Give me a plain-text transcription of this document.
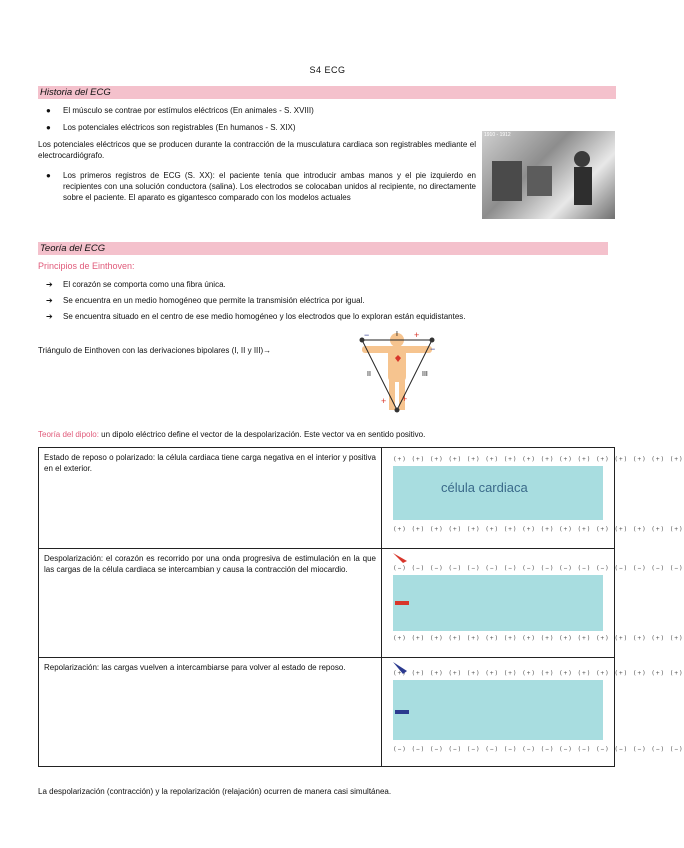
S4 ECG
Historia del ECG
● El músculo se contrae por estímulos eléctricos (En animales - S. XVIII)
● Los potenciales eléctricos son registrables (En humanos - S. XIX)
Los potenciales eléctricos que se producen durante la contracción de la musculatura cardiaca son registrables mediante el electrocardiógrafo.
● Los primeros registros de ECG (S. XX): el paciente tenía que introducir ambas manos y el pie izquierdo en recipientes con una solución conductora (salina). Los electrodos se colocaban unidos al recipiente, no directamente sobre el paciente. El aparato es gigantesco comparado con los modelos actuales
1910 - 1912
Teoría del ECG
Principios de Einthoven:
➔ El corazón se comporta como una fibra única.
➔ Se encuentra en un medio homogéneo que permite la transmisión eléctrica por igual.
➔ Se encuentra situado en el centro de ese medio homogéneo y los electrodos que lo exploran están equidistantes.
Triángulo de Einthoven con las derivaciones bipolares (I, II y III)→
I
II	III
−	+
−
+ +
Teoría del dipolo: un dipolo eléctrico define el vector de la despolarización. Este vector va en sentido positivo.
Estado de reposo o polarizado: la célula cardiaca tiene carga negativa en el interior y positiva en el exterior.	(+) (+) (+) (+) (+) (+) (+) (+) (+) (+) (+) (+) (+) (+) (+) (+)
célula cardiaca
(+) (+) (+) (+) (+) (+) (+) (+) (+) (+) (+) (+) (+) (+) (+) (+)

Despolarización: el corazón es recorrido por una onda progresiva de estimulación en la que las cargas de la célula cardiaca se intercambian y causa la contracción del miocardio.	(−) (−) (−) (−) (−) (−) (−) (−) (−) (−) (−) (−) (−) (−) (−) (−)
(+) (+) (+) (+) (+) (+) (+) (+) (+) (+) (+) (+) (+) (+) (+) (+)

Repolarización: las cargas vuelven a intercambiarse para volver al estado de reposo.	(+) (+) (+) (+) (+) (+) (+) (+) (+) (+) (+) (+) (+) (+) (+) (+)
(−) (−) (−) (−) (−) (−) (−) (−) (−) (−) (−) (−) (−) (−) (−) (−)
La despolarización (contracción) y la repolarización (relajación) ocurren de manera casi simultánea.
